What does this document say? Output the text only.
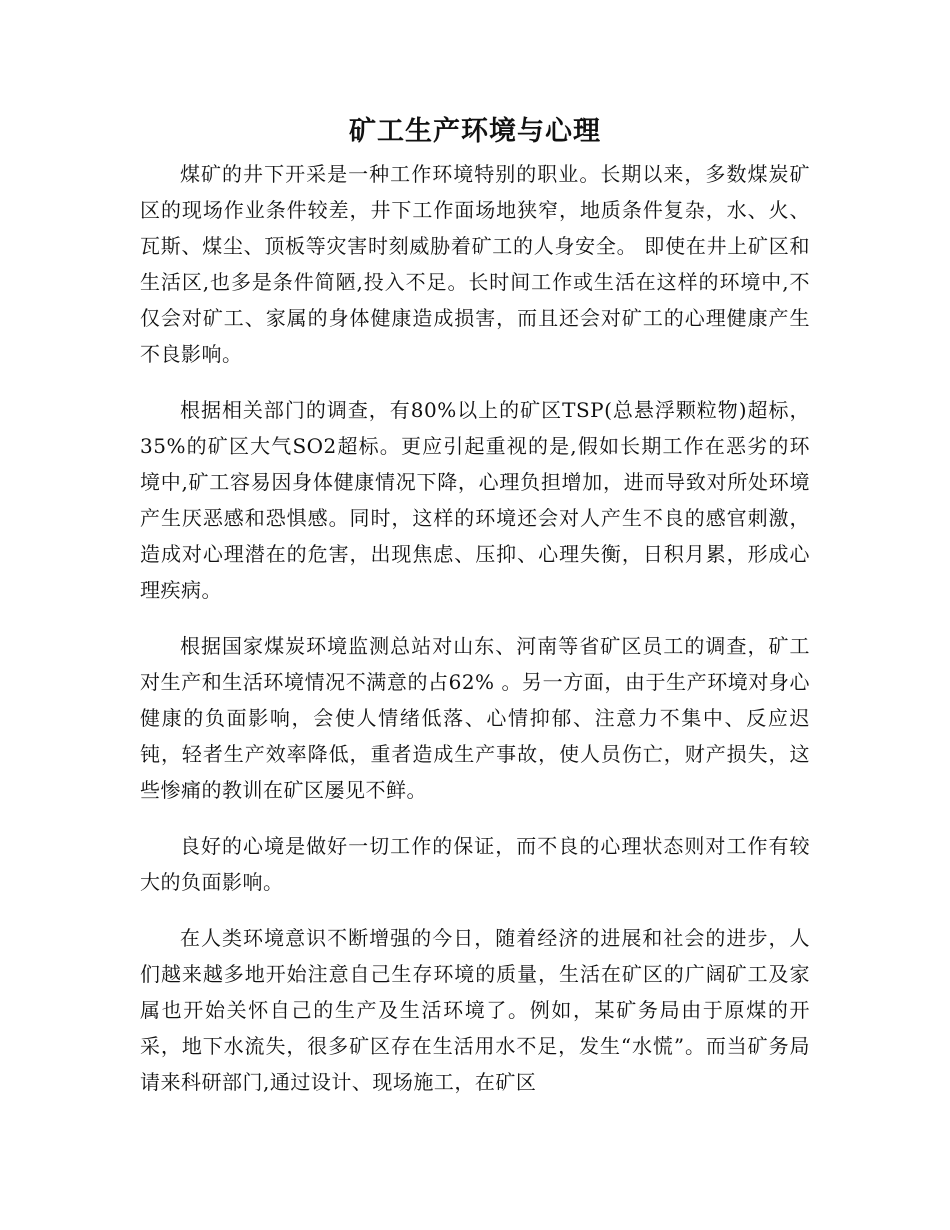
矿工生产环境与心理

煤矿的井下开采是一种工作环境特别的职业。长期以来，多数煤炭矿区的现场作业条件较差，井下工作面场地狭窄，地质条件复杂，水、火、瓦斯、煤尘、顶板等灾害时刻威胁着矿工的人身安全。 即使在井上矿区和生活区,也多是条件简陋,投入不足。长时间工作或生活在这样的环境中,不仅会对矿工、家属的身体健康造成损害，而且还会对矿工的心理健康产生不良影响。

根据相关部门的调查，有80%以上的矿区TSP(总悬浮颗粒物)超标，35%的矿区大气SO2超标。更应引起重视的是,假如长期工作在恶劣的环境中,矿工容易因身体健康情况下降，心理负担增加，进而导致对所处环境产生厌恶感和恐惧感。同时，这样的环境还会对人产生不良的感官刺激，造成对心理潜在的危害，出现焦虑、压抑、心理失衡，日积月累，形成心理疾病。

根据国家煤炭环境监测总站对山东、河南等省矿区员工的调查，矿工对生产和生活环境情况不满意的占62% 。另一方面，由于生产环境对身心健康的负面影响，会使人情绪低落、心情抑郁、注意力不集中、反应迟钝，轻者生产效率降低，重者造成生产事故，使人员伤亡，财产损失，这些惨痛的教训在矿区屡见不鲜。

良好的心境是做好一切工作的保证，而不良的心理状态则对工作有较大的负面影响。

在人类环境意识不断增强的今日，随着经济的进展和社会的进步，人们越来越多地开始注意自己生存环境的质量，生活在矿区的广阔矿工及家属也开始关怀自己的生产及生活环境了。例如，某矿务局由于原煤的开采，地下水流失，很多矿区存在生活用水不足，发生“水慌”。而当矿务局请来科研部门,通过设计、现场施工，在矿区
